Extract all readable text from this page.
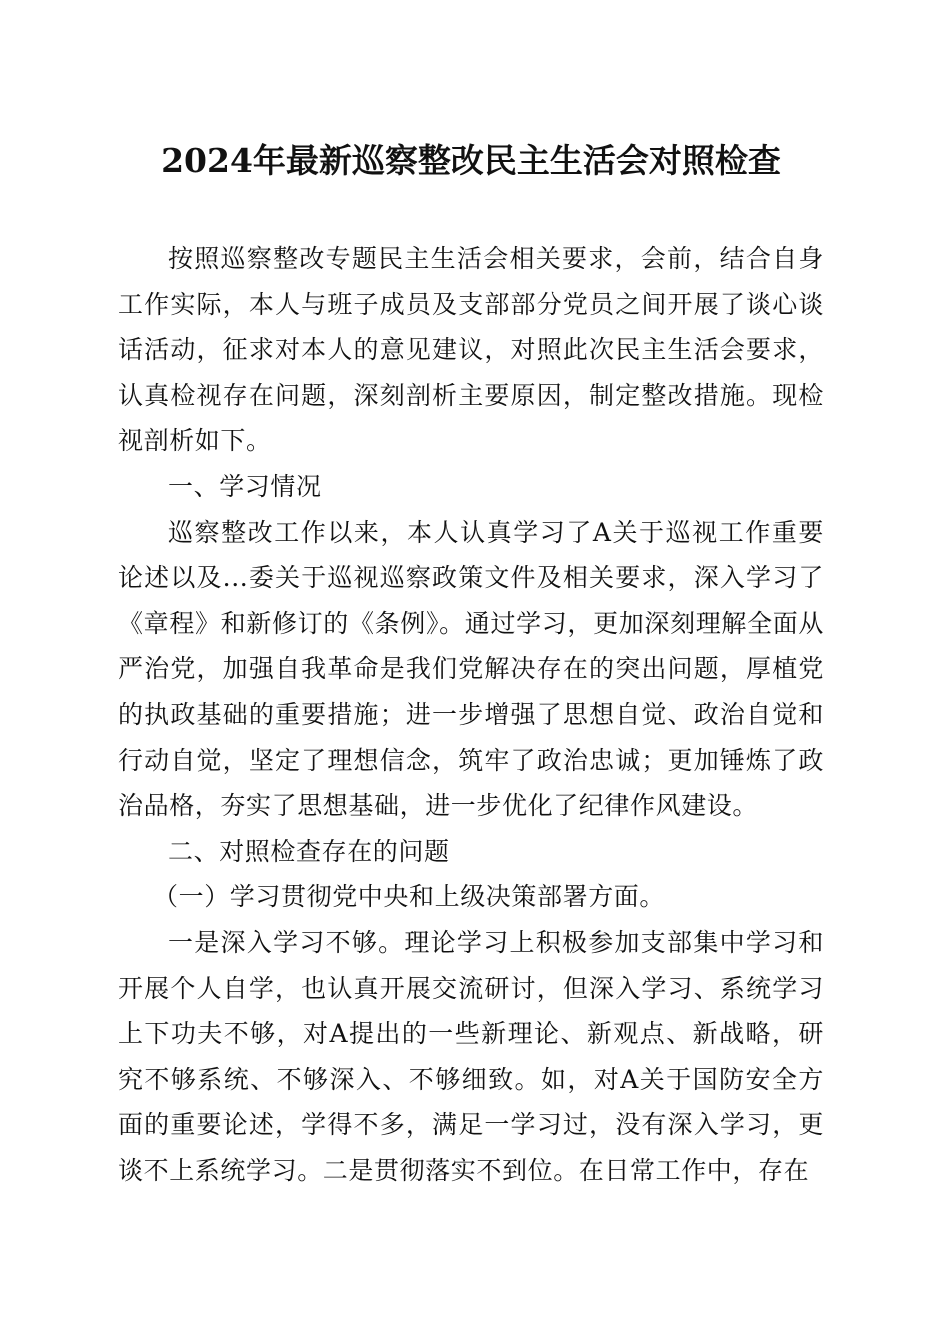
2024年最新巡察整改民主生活会对照检查

按照巡察整改专题民主生活会相关要求，会前，结合自身工作实际，本人与班子成员及支部部分党员之间开展了谈心谈话活动，征求对本人的意见建议，对照此次民主生活会要求，认真检视存在问题，深刻剖析主要原因，制定整改措施。现检视剖析如下。

一、学习情况

巡察整改工作以来，本人认真学习了A关于巡视工作重要论述以及...委关于巡视巡察政策文件及相关要求，深入学习了《章程》和新修订的《条例》。通过学习，更加深刻理解全面从严治党，加强自我革命是我们党解决存在的突出问题，厚植党的执政基础的重要措施；进一步增强了思想自觉、政治自觉和行动自觉，坚定了理想信念，筑牢了政治忠诚；更加锤炼了政治品格，夯实了思想基础，进一步优化了纪律作风建设。

二、对照检查存在的问题

（一）学习贯彻党中央和上级决策部署方面。

一是深入学习不够。理论学习上积极参加支部集中学习和开展个人自学，也认真开展交流研讨，但深入学习、系统学习上下功夫不够，对A提出的一些新理论、新观点、新战略，研究不够系统、不够深入、不够细致。如，对A关于国防安全方面的重要论述，学得不多，满足一学习过，没有深入学习，更谈不上系统学习。二是贯彻落实不到位。在日常工作中，存在
